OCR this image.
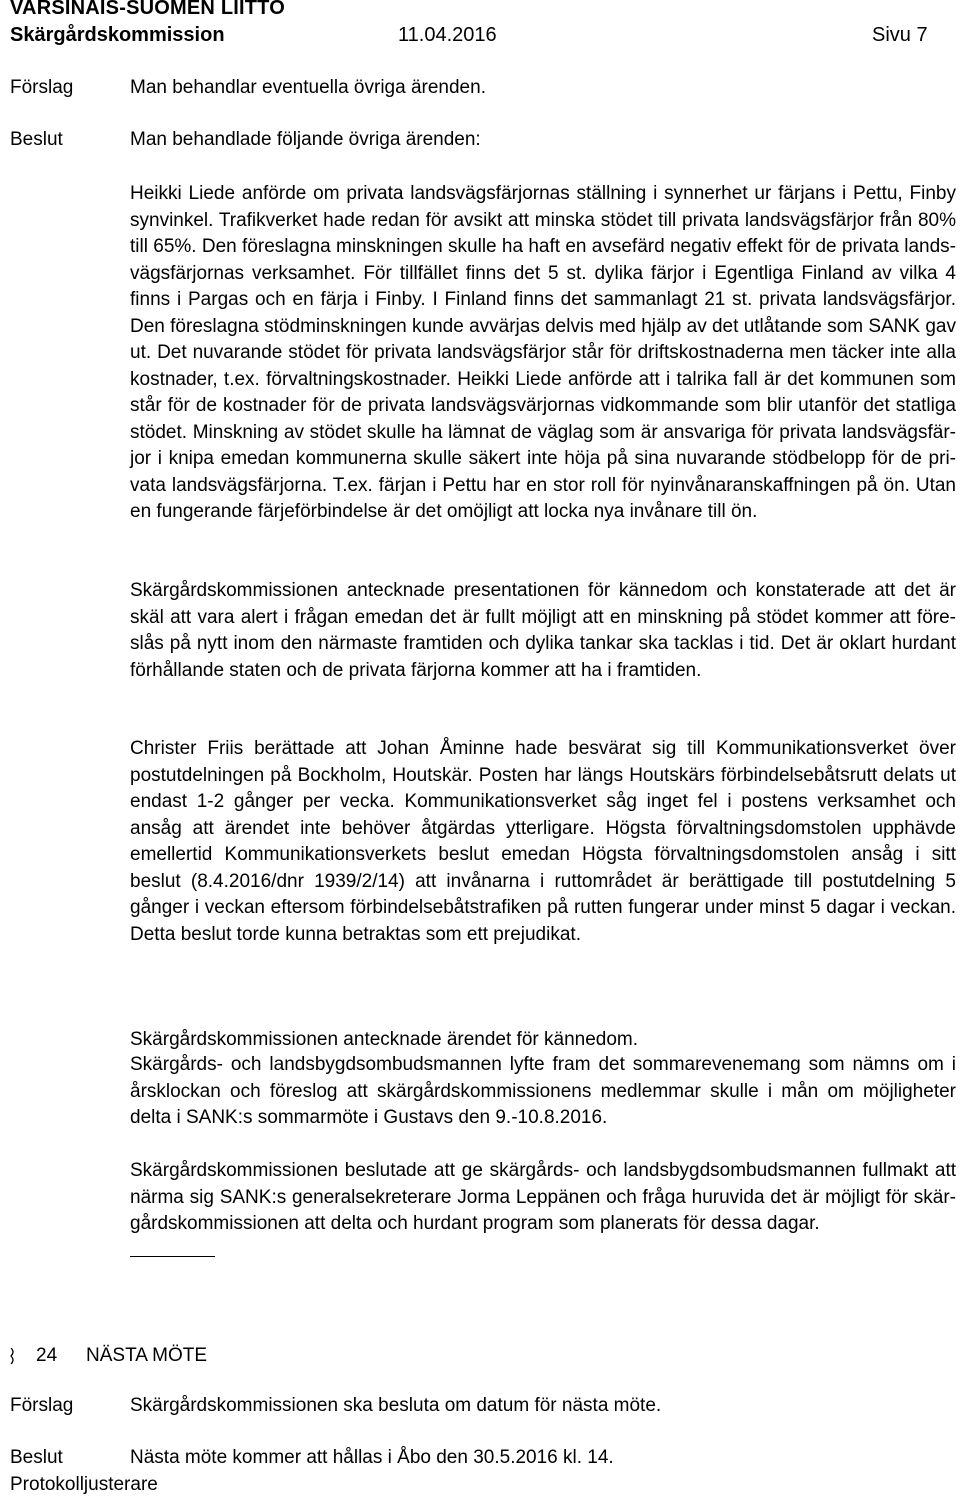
VARSINAIS-SUOMEN LIITTO
Skärgårdskommission	11.04.2016	Sivu 7
Förslag	Man behandlar eventuella övriga ärenden.
Beslut	Man behandlade följande övriga ärenden:
Heikki Liede anförde om privata landsvägsfärjornas ställning i synnerhet ur färjans i Pettu, Finby synvinkel. Trafikverket hade redan för avsikt att minska stödet till privata landsvägsfärjor från 80% till 65%. Den föreslagna minskningen skulle ha haft en avsefärd negativ effekt för de privata landsvägsfärjornas verksamhet. För tillfället finns det 5 st. dylika färjor i Egentliga Finland av vilka 4 finns i Pargas och en färja i Finby. I Finland finns det sammanlagt 21 st. privata landsvägsfärjor. Den föreslagna stödminskningen kunde avvärjas delvis med hjälp av det utlåtande som SANK gav ut. Det nuvarande stödet för privata landsvägsfärjor står för driftskostnaderna men täcker inte alla kostnader, t.ex. förvaltningskostnader. Heikki Liede anförde att i talrika fall är det kommunen som står för de kostnader för de privata landsvägsvärjornas vidkommande som blir utanför det statliga stödet. Minskning av stödet skulle ha lämnat de väglag som är ansvariga för privata landsvägsfärjor i knipa emedan kommunerna skulle säkert inte höja på sina nuvarande stödbelopp för de privata landsvägsfärjorna. T.ex. färjan i Pettu har en stor roll för nyinvånaranskaffningen på ön. Utan en fungerande färjeförbindelse är det omöjligt att locka nya invånare till ön.
Skärgårdskommissionen antecknade presentationen för kännedom och konstaterade att det är skäl att vara alert i frågan emedan det är fullt möjligt att en minskning på stödet kommer att föreslås på nytt inom den närmaste framtiden och dylika tankar ska tacklas i tid. Det är oklart hurdant förhållande staten och de privata färjorna kommer att ha i framtiden.
Christer Friis berättade att Johan Åminne hade besvärat sig till Kommunikationsverket över postutdelningen på Bockholm, Houtskär. Posten har längs Houtskärs förbindelsebåtsrutt delats ut endast 1-2 gånger per vecka. Kommunikationsverket såg inget fel i postens verksamhet och ansåg att ärendet inte behöver åtgärdas ytterligare. Högsta förvaltningsdomstolen upphävde emellertid Kommunikationsverkets beslut emedan Högsta förvaltningsdomstolen ansåg i sitt beslut (8.4.2016/dnr 1939/2/14) att invånarna i ruttområdet är berättigade till postutdelning 5 gånger i veckan eftersom förbindelsebåtstrafiken på rutten fungerar under minst 5 dagar i veckan. Detta beslut torde kunna betraktas som ett prejudikat.
Skärgårdskommissionen antecknade ärendet för kännedom.
Skärgårds- och landsbygdsombudsmannen lyfte fram det sommarevenemang som nämns om i årsklockan och föreslog att skärgårdskommissionens medlemmar skulle i mån om möjligheter delta i SANK:s sommarmöte i Gustavs den 9.-10.8.2016.
Skärgårdskommissionen beslutade att ge skärgårds- och landsbygdsombudsmannen fullmakt att närma sig SANK:s generalsekreterare Jorma Leppänen och fråga huruvida det är möjligt för skärgårdskommissionen att delta och hurdant program som planerats för dessa dagar.
24 NÄSTA MÖTE
Förslag	Skärgårdskommissionen ska besluta om datum för nästa möte.
Beslut	Nästa möte kommer att hållas i Åbo den 30.5.2016 kl. 14.
Protokolljusterare
